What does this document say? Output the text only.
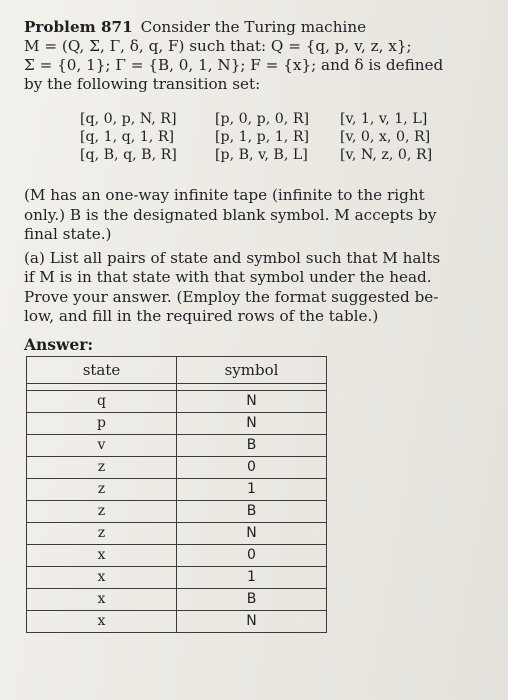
Problem 871 Consider the Turing machine
M = (Q, Σ, Γ, δ, q, F) such that: Q = {q, p, v, z, x};
Σ = {0, 1}; Γ = {B, 0, 1, N}; F = {x}; and δ is defined
by the following transition set:
[q, 0, p, N, R]	[p, 0, p, 0, R]	[v, 1, v, 1, L]
[q, 1, q, 1, R]	[p, 1, p, 1, R]	[v, 0, x, 0, R]
[q, B, q, B, R]	[p, B, v, B, L]	[v, N, z, 0, R]
(M has an one-way infinite tape (infinite to the right
only.) B is the designated blank symbol. M accepts by
final state.)
(a) List all pairs of state and symbol such that M halts
if M is in that state with that symbol under the head.
Prove your answer. (Employ the format suggested be-
low, and fill in the required rows of the table.)
Answer:
state	symbol

q	N
p	N
v	B
z	0
z	1
z	B
z	N
x	0
x	1
x	B
x	N
